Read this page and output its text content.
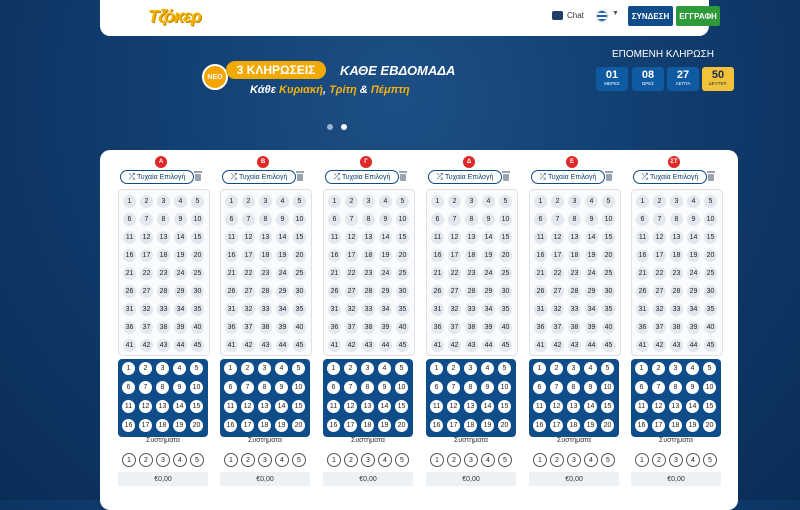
Τζόκερ	Chat	▼	ΣΥΝΔΕΣΗ	ΕΓΓΡΑΦΗ
ΝΕΟ	3 ΚΛΗΡΩΣΕΙΣ	ΚΑΘΕ ΕΒΔΟΜΑΔΑ
Κάθε Κυριακή, Τρίτη & Πέμπτη
ΕΠΟΜΕΝΗ ΚΛΗΡΩΣΗ
01
ΜΕΡΕΣ
08
ΩΡΕΣ
27
ΛΕΠΤΑ
50
ΔΕΥΤΕΡ.
Α
⤮ Τυχαία Επιλογή
1	2	3	4	5
6	7	8	9	10
11	12	13	14	15
16	17	18	19	20
21	22	23	24	25
26	27	28	29	30
31	32	33	34	35
36	37	38	39	40
41	42	43	44	45
1	2	3	4	5
6	7	8	9	10
11	12	13	14	15
16	17	18	19	20
Συστήματα
1	2	3	4	5
€0,00
Β
⤮ Τυχαία Επιλογή
1	2	3	4	5
6	7	8	9	10
11	12	13	14	15
16	17	18	19	20
21	22	23	24	25
26	27	28	29	30
31	32	33	34	35
36	37	38	39	40
41	42	43	44	45
1	2	3	4	5
6	7	8	9	10
11	12	13	14	15
16	17	18	19	20
Συστήματα
1	2	3	4	5
€0,00
Γ
⤮ Τυχαία Επιλογή
1	2	3	4	5
6	7	8	9	10
11	12	13	14	15
16	17	18	19	20
21	22	23	24	25
26	27	28	29	30
31	32	33	34	35
36	37	38	39	40
41	42	43	44	45
1	2	3	4	5
6	7	8	9	10
11	12	13	14	15
16	17	18	19	20
Συστήματα
1	2	3	4	5
€0,00
Δ
⤮ Τυχαία Επιλογή
1	2	3	4	5
6	7	8	9	10
11	12	13	14	15
16	17	18	19	20
21	22	23	24	25
26	27	28	29	30
31	32	33	34	35
36	37	38	39	40
41	42	43	44	45
1	2	3	4	5
6	7	8	9	10
11	12	13	14	15
16	17	18	19	20
Συστήματα
1	2	3	4	5
€0,00
Ε
⤮ Τυχαία Επιλογή
1	2	3	4	5
6	7	8	9	10
11	12	13	14	15
16	17	18	19	20
21	22	23	24	25
26	27	28	29	30
31	32	33	34	35
36	37	38	39	40
41	42	43	44	45
1	2	3	4	5
6	7	8	9	10
11	12	13	14	15
16	17	18	19	20
Συστήματα
1	2	3	4	5
€0,00
ΣΤ
⤮ Τυχαία Επιλογή
1	2	3	4	5
6	7	8	9	10
11	12	13	14	15
16	17	18	19	20
21	22	23	24	25
26	27	28	29	30
31	32	33	34	35
36	37	38	39	40
41	42	43	44	45
1	2	3	4	5
6	7	8	9	10
11	12	13	14	15
16	17	18	19	20
Συστήματα
1	2	3	4	5
€0,00
